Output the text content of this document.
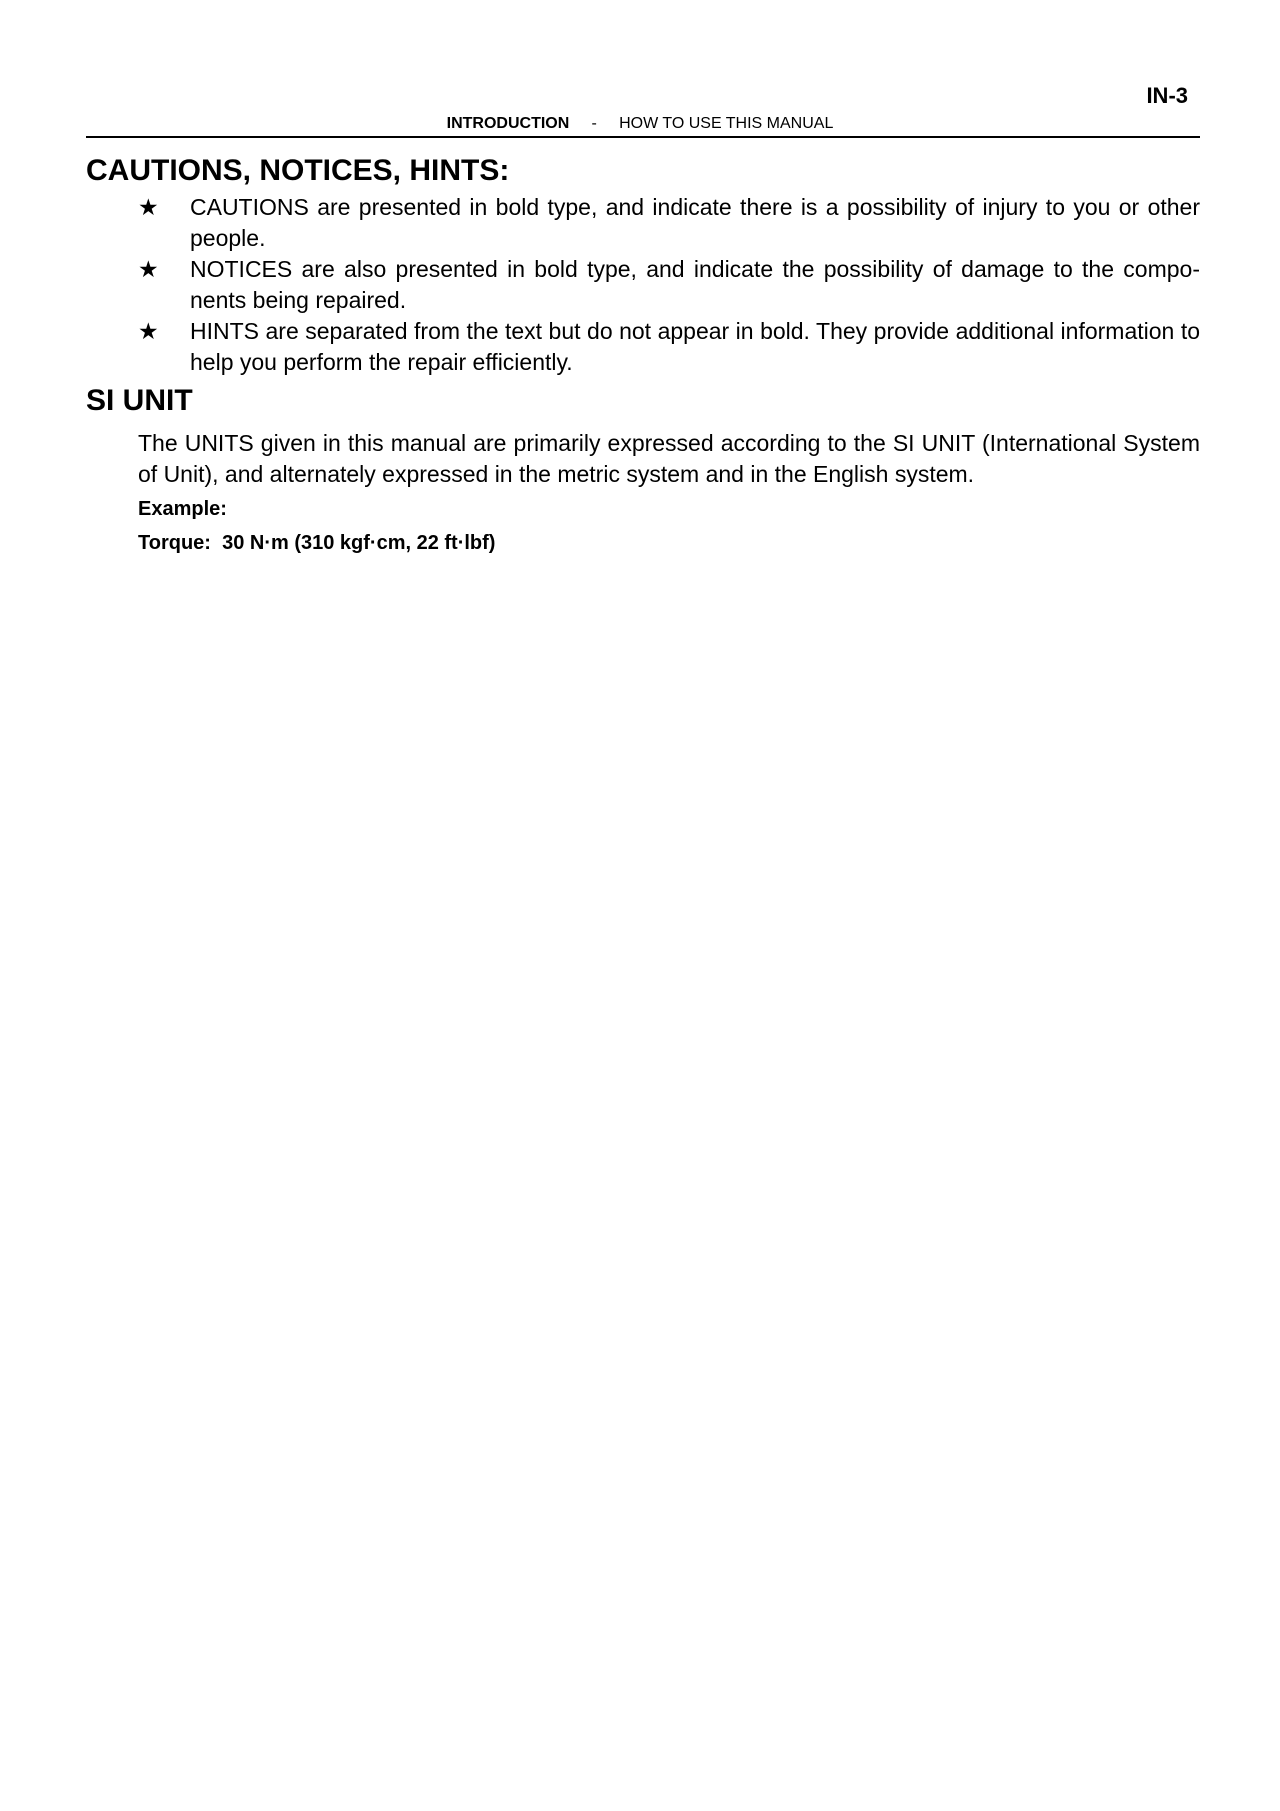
IN-3
INTRODUCTION - HOW TO USE THIS MANUAL
CAUTIONS, NOTICES, HINTS:
★ CAUTIONS are presented in bold type, and indicate there is a possibility of injury to you or other people.
★ NOTICES are also presented in bold type, and indicate the possibility of damage to the compo-nents being repaired.
★ HINTS are separated from the text but do not appear in bold. They provide additional information to help you perform the repair efficiently.
SI UNIT

The UNITS given in this manual are primarily expressed according to the SI UNIT (International System of Unit), and alternately expressed in the metric system and in the English system.

Example:
Torque: 30 N·m (310 kgf·cm, 22 ft·lbf)
